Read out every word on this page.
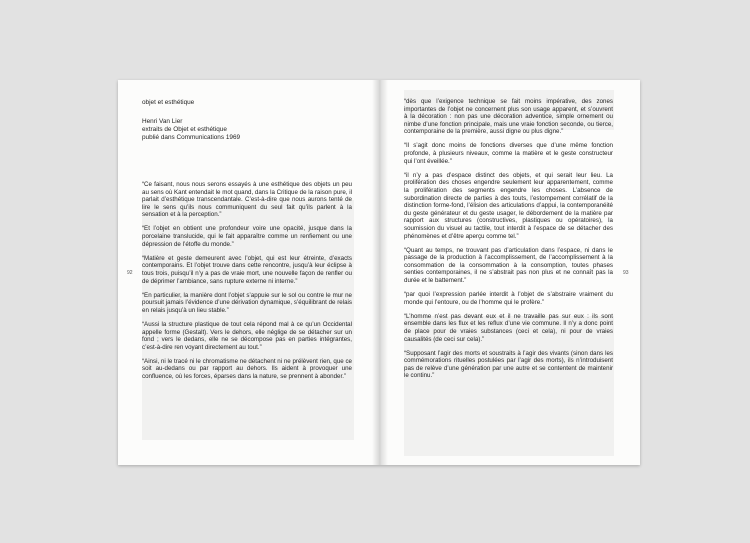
objet et esthétique
Henri Van Lier
extraits de Objet et esthétique
publié dans Communications 1969
92

“Ce faisant, nous nous serons essayés à une esthétique des objets un peu au sens où Kant entendait le mot quand, dans la Critique de la raison pure, il parlait d’esthétique transcendantale. C’est-à-dire que nous aurons tenté de lire le sens qu’ils nous communiquent du seul fait qu’ils parlent à la sensation et à la perception.”

“Et l’objet en obtient une profondeur voire une opacité, jusque dans la porcelaine translucide, qui le fait apparaître comme un renfiement ou une dépression de l’étoffe du monde.”

“Matière et geste demeurent avec l’objet, qui est leur étreinte, d’exacts contemporains. Et l’objet trouve dans cette rencontre, jusqu’à leur éclipse à tous trois, puisqu’il n’y a pas de vraie mort, une nouvelle façon de renfler ou de déprimer l’ambiance, sans rupture externe ni interne.”

“En particulier, la manière dont l’objet s’appuie sur le sol ou contre le mur ne poursuit jamais l’évidence d’une dérivation dynamique, s’équilibrant de relais en relais jusqu’à un lieu stable.”

“Aussi la structure plastique de tout cela répond mal à ce qu’un Occidental appelle forme (Gestalt). Vers le dehors, elle néglige de se détacher sur un fond ; vers le dedans, elle ne se décompose pas en parties intégrantes, c’est-à-dire ren voyant directement au tout.”

“Ainsi, ni le tracé ni le chromatisme ne détachent ni ne prélèvent rien, que ce soit au-dedans ou par rapport au dehors. Ils aident à provoquer une confluence, où les forces, éparses dans la nature, se prennent à abonder.”

93

“dès que l’exigence technique se fait moins impérative, des zones importantes de l’objet ne concernent plus son usage apparent, et s’ouvrent à la décoration : non pas une décoration adventice, simple ornement ou nimbe d’une fonction principale, mais une vraie fonction seconde, ou tierce, contemporaine de la première, aussi digne ou plus digne.”

“Il s’agit donc moins de fonctions diverses que d’une même fonction profonde, à plusieurs niveaux, comme la matière et le geste constructeur qui l’ont éveillée.”

“il n’y a pas d’espace distinct des objets, et qui serait leur lieu. La prolifération des choses engendre seulement leur apparentement, comme la prolifération des segments engendre les choses. L’absence de subordination directe de parties à des touts, l’estompement corrélatif de la distinction forme-fond, l’élision des articulations d’appui, la contemporanéité du geste générateur et du geste usager, le débordement de la matière par rapport aux structures (constructives, plastiques ou opératoires), la soumission du visuel au tactile, tout interdit à l’espace de se détacher des phénomènes et d’être aperçu comme tel.”

“Quant au temps, ne trouvant pas d’articulation dans l’espace, ni dans le passage de la production à l’accomplissement, de l’accomplissement à la consommation de la consommation à la consomption, toutes phases senties contemporaines, il ne s’abstrait pas non plus et ne connaît pas la durée et le battement.”

“par quoi l’expression parlée interdit à l’objet de s’abstraire vraiment du monde qui l’entoure, ou de l’homme qui le profère.”

“L’homme n’est pas devant eux et il ne travaille pas sur eux : ils sont ensemble dans les flux et les reflux d’une vie commune. Il n’y a donc point de place pour de vraies substances (ceci et cela), ni pour de vraies causalités (de ceci sur cela).”

“Supposant l’agir des morts et soustraits à l’agir des vivants (sinon dans les commémorations rituelles postulées par l’agir des morts), ils n’introduisent pas de relève d’une génération par une autre et se contentent de maintenir le continu.”
